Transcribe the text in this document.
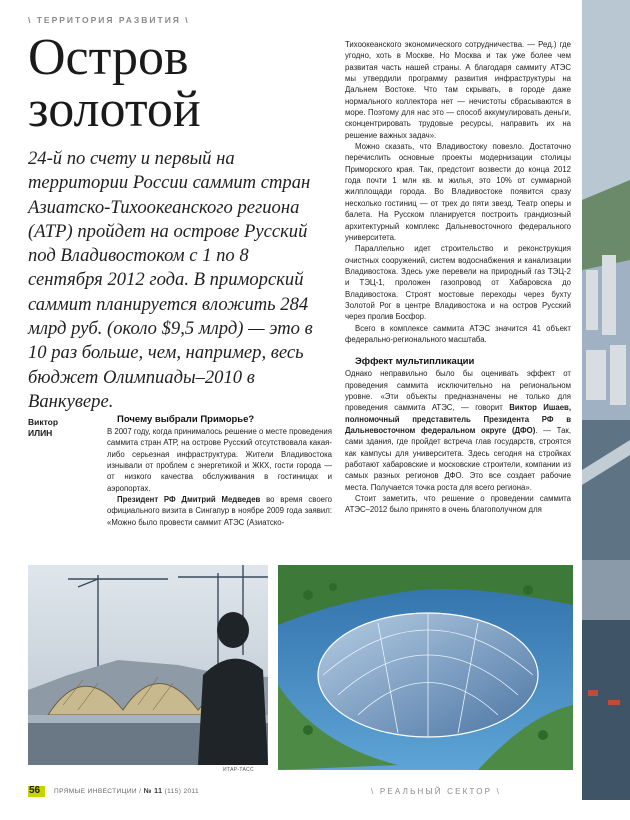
\ ТЕРРИТОРИЯ РАЗВИТИЯ \
Остров
золотой
24-й по счету и первый на территории России саммит стран Азиатско-Тихоокеанского региона (АТР) пройдет на острове Русский под Владивостоком с 1 по 8 сентября 2012 года. В приморский саммит планируется вложить 284 млрд руб. (около $9,5 млрд) — это в 10 раз больше, чем, например, весь бюджет Олимпиады–2010 в Ванкувере.
Виктор
ИЛИН

Почему выбрали Приморье?

В 2007 году, когда принималось решение о месте проведения саммита стран АТР, на острове Русский отсутствовала какая-либо серьезная инфраструктура. Жители Владивостока изнывали от проблем с энергетикой и ЖКХ, гости города — от низкого качества обслуживания в гостиницах и аэропортах.

Президент РФ Дмитрий Медведев во время своего официального визита в Сингапур в ноябре 2009 года заявил: «Можно было провести саммит АТЭС (Азиатско-

Тихоокеанского экономического сотрудничества. — Ред.) где угодно, хоть в Москве. Но Москва и так уже более чем развитая часть нашей страны. А благодаря саммиту АТЭС мы утвердили программу развития инфраструктуры на Дальнем Востоке. Что там скрывать, в городе даже нормального коллектора нет — нечистоты сбрасываются в море. Поэтому для нас это — способ аккумулировать деньги, сконцентрировать трудовые ресурсы, направить их на решение важных задач».

Можно сказать, что Владивостоку повезло. Достаточно перечислить основные проекты модернизации столицы Приморского края. Так, предстоит возвести до конца 2012 года почти 1 млн кв. м жилья, это 10% от суммарной жилплощади города. Во Владивостоке появится сразу несколько гостиниц — от трех до пяти звезд. Театр оперы и балета. На Русском планируется построить грандиозный архитектурный комплекс Дальневосточного федерального университета.

Параллельно идет строительство и реконструкция очистных сооружений, систем водоснабжения и канализации Владивостока. Здесь уже перевели на природный газ ТЭЦ-2 и ТЭЦ-1, проложен газопровод от Хабаровска до Владивостока. Строят мостовые переходы через бухту Золотой Рог в центре Владивостока и на остров Русский через пролив Босфор.

Всего в комплексе саммита АТЭС значится 41 объект федерально-регионального масштаба.

Эффект мультипликации

Однако неправильно было бы оценивать эффект от проведения саммита исключительно на региональном уровне. «Эти объекты предназначены не только для проведения саммита АТЭС, — говорит Виктор Ишаев, полномочный представитель Президента РФ в Дальневосточном федеральном округе (ДФО). — Так, сами здания, где пройдет встреча глав государств, строятся как кампусы для университета. Здесь сегодня на стройках работают хабаровские и московские строители, компании из самых разных регионов ДФО. Это все создает рабочие места. Получается точка роста для всего региона».

Стоит заметить, что решение о проведении саммита АТЭС–2012 было принято в очень благополучном для

ИТАР-ТАСС
56 ПРЯМЫЕ ИНВЕСТИЦИИ / № 11 (115) 2011	\ РЕАЛЬНЫЙ СЕКТОР \
